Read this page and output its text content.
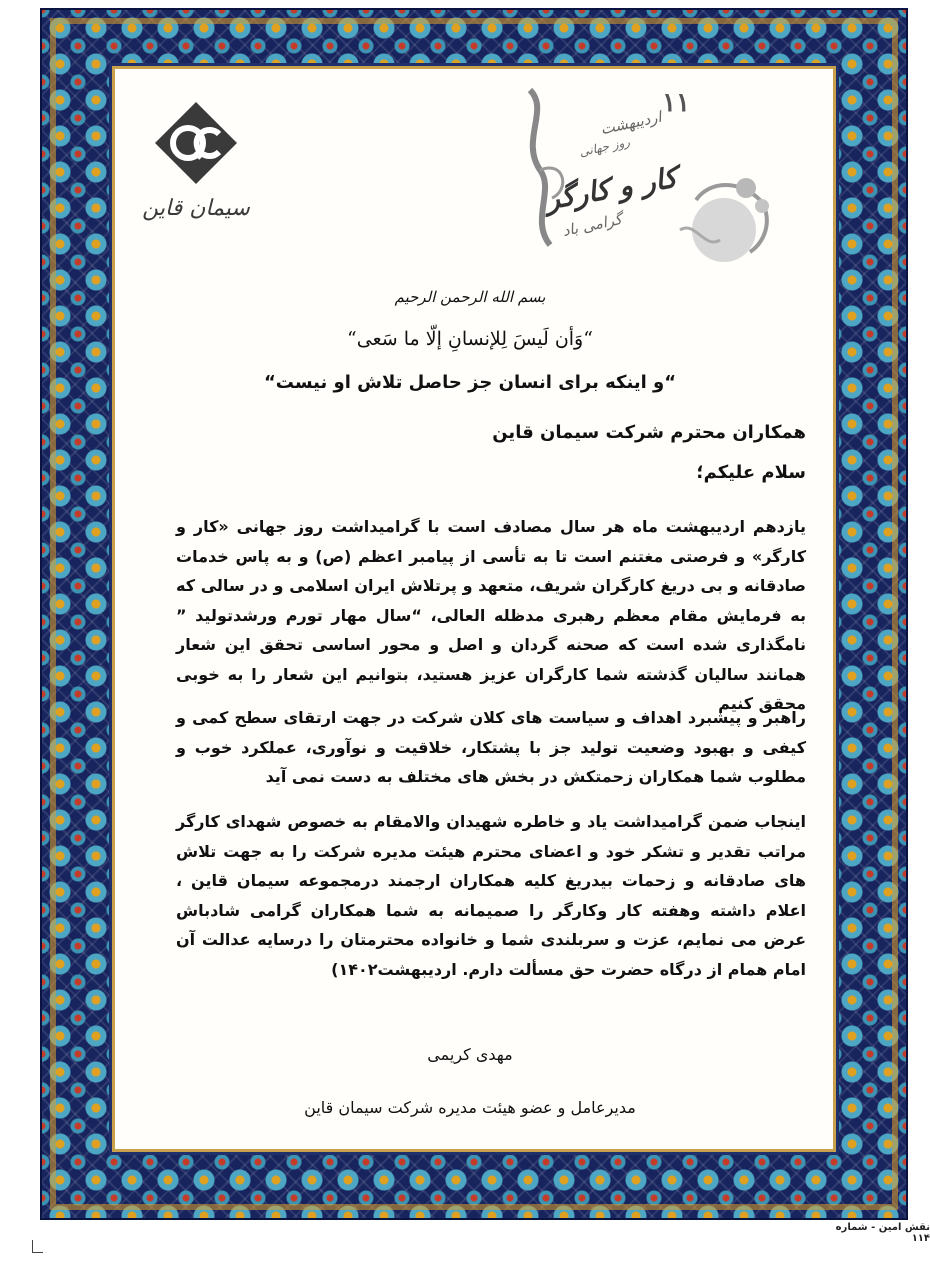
سیمان قاین
۱۱
اردیبهشت
روز جهانی
کار و کارگر
گرامی باد
بسم الله الرحمن الرحیم
“وَأن لَیسَ لِلإنسانِ إلّا ما سَعی“
“و اینکه برای انسان جز حاصل تلاش او نیست“
همکاران محترم شرکت سیمان قاین
سلام علیکم؛
یازدهم اردیبهشت ماه هر سال مصادف است با گرامیداشت روز جهانی «کار و کارگر» و فرصتی مغتنم است تا به تأسی از پیامبر اعظم (ص) و به پاس خدمات صادقانه و بی دریغ کارگران شریف، متعهد و پرتلاش ایران اسلامی و در سالی که به فرمایش مقام معظم رهبری مدظله العالی، “سال مهار تورم ورشدتولید ” نامگذاری شده است که صحنه گردان و اصل و محور اساسی تحقق این شعار همانند سالیان گذشته شما کارگران عزیز هستید، بتوانیم این شعار را به خوبی محقق کنیم
راهبر و پیشبرد اهداف و سیاست های کلان شرکت در جهت ارتقای سطح کمی و کیفی و بهبود وضعیت تولید جز با پشتکار، خلاقیت و نوآوری، عملکرد خوب و مطلوب شما همکاران زحمتکش در بخش های مختلف به دست نمی آید
اینجاب ضمن گرامیداشت یاد و خاطره شهیدان والامقام به خصوص شهدای کارگر مراتب تقدیر و تشکر خود و اعضای محترم هیئت مدیره شرکت را به جهت تلاش های صادقانه و زحمات بیدریغ کلیه همکاران ارجمند درمجموعه سیمان قاین ، اعلام داشته وهفته کار وکارگر را صمیمانه به شما همکاران گرامی شادباش عرض می نمایم، عزت و سربلندی شما و خانواده محترمتان را درسایه عدالت آن امام همام از درگاه حضرت حق مسألت دارم. اردیبهشت۱۴۰۲)
مهدی کریمی
مدیرعامل و عضو هیئت مدیره شرکت سیمان قاین
نقش امین - شماره ۱۱۴
